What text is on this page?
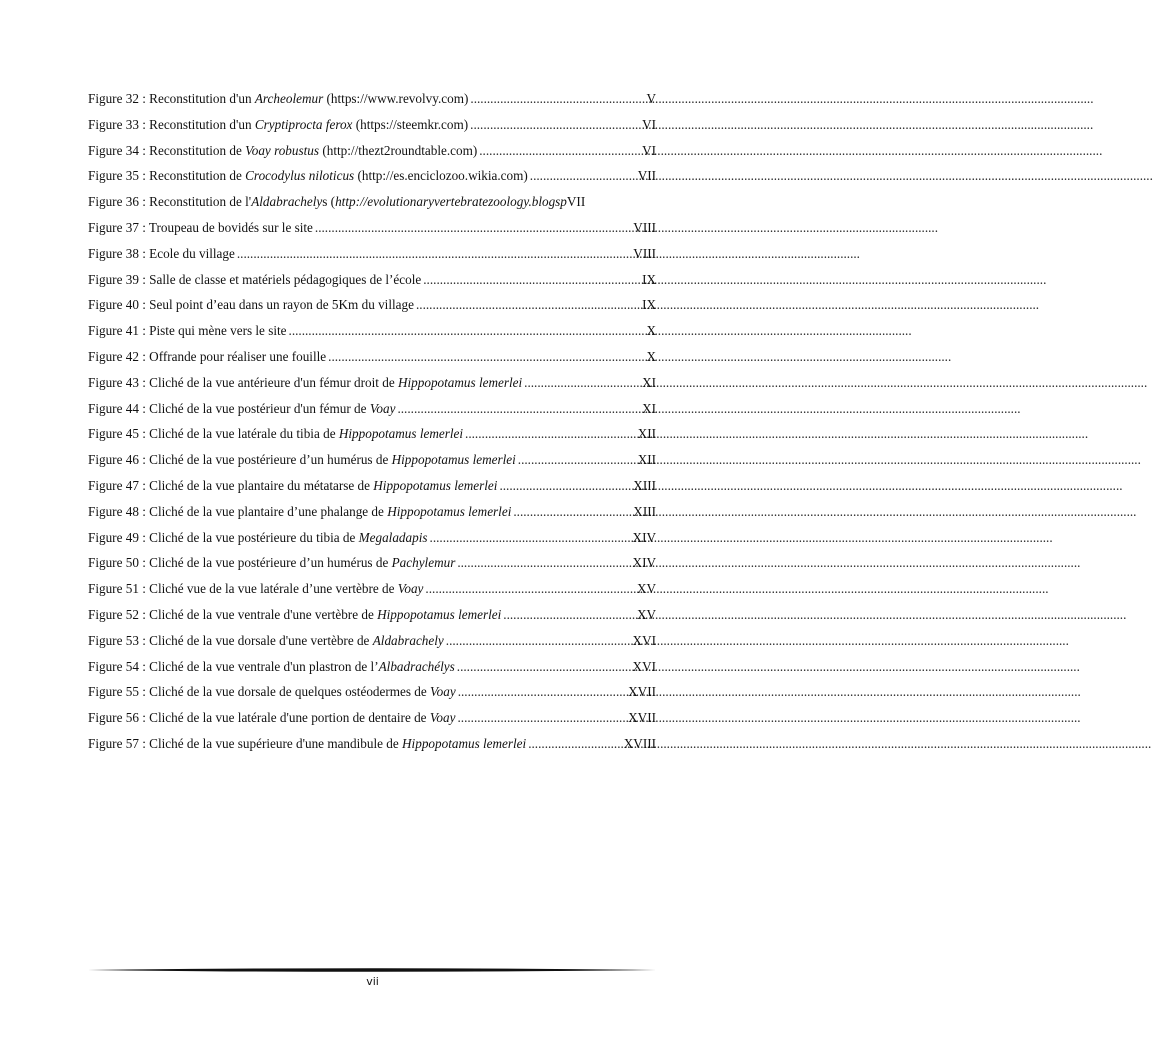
Figure 32 : Reconstitution d'un Archeolemur (https://www.revolvy.com) .....	V
Figure 33 : Reconstitution d'un Cryptiprocta ferox (https://steemkr.com) .....	VI
Figure 34 : Reconstitution de Voay robustus (http://thezt2roundtable.com) .....	VI
Figure 35 : Reconstitution de Crocodylus niloticus (http://es.enciclozoo.wikia.com) .....	VII
Figure 36 : Reconstitution de l'Aldabrachelys (http://evolutionaryvertebratezoology.blogsp VII
Figure 37 : Troupeau de bovidés sur le site .....	VIII
Figure 38 : Ecole du village .....	VIII
Figure 39 : Salle de classe et matériels pédagogiques de l’école .....	IX
Figure 40 : Seul point d’eau dans un rayon de 5Km du village .....	IX
Figure 41 : Piste qui mène vers le site .....	X
Figure 42 : Offrande pour réaliser une fouille .....	X
Figure 43 : Cliché de la vue antérieure d'un fémur droit de Hippopotamus lemerlei .....	XI
Figure 44 : Cliché de la vue postérieur d'un fémur de Voay .....	XI
Figure 45 : Cliché de la vue latérale du tibia de Hippopotamus lemerlei .....	XII
Figure 46 : Cliché de la vue postérieure d’un humérus de Hippopotamus lemerlei .....	XII
Figure 47 : Cliché de la vue plantaire du métatarse de Hippopotamus lemerlei .....	XIII
Figure 48 : Cliché de la vue plantaire d’une phalange de Hippopotamus lemerlei .....	XIII
Figure 49 : Cliché de la vue postérieure du tibia de Megaladapis .....	XIV
Figure 50 : Cliché de la vue postérieure d’un humérus de Pachylemur .....	XIV
Figure 51 : Cliché vue de la vue latérale d’une vertèbre de Voay .....	XV
Figure 52 : Cliché de la vue ventrale d'une vertèbre de Hippopotamus lemerlei .....	XV
Figure 53 : Cliché de la vue dorsale d'une vertèbre de Aldabrachely .....	XVI
Figure 54 : Cliché de la vue ventrale d'un plastron de l’Albadrachélys .....	XVI
Figure 55 : Cliché de la vue dorsale de quelques ostéodermes de Voay .....	XVII
Figure 56 : Cliché de la vue latérale d'une portion de dentaire de Voay .....	XVII
Figure 57 : Cliché de la vue supérieure d'une mandibule de Hippopotamus lemerlei .....	XVIII
vii
